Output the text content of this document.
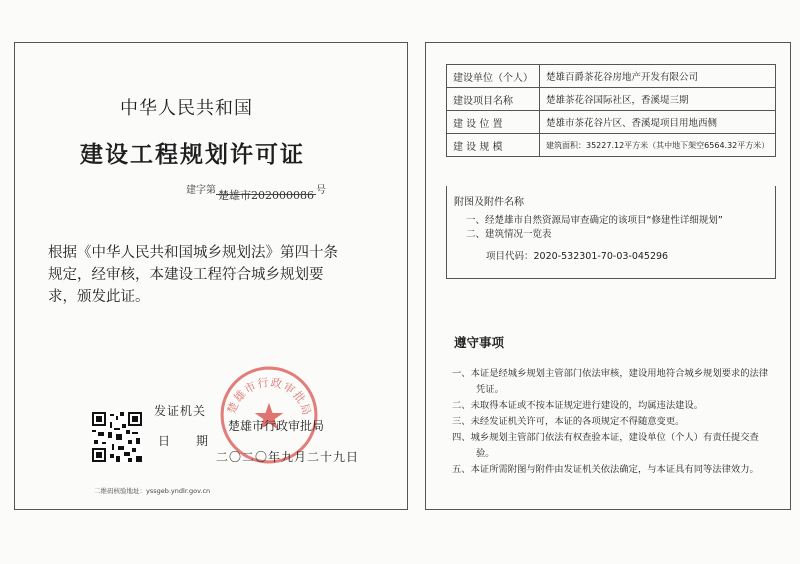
中华人民共和国
建设工程规划许可证
建字第 楚雄市202000086 号
根据《中华人民共和国城乡规划法》第四十条规定，经审核，本建设工程符合城乡规划要求，颁发此证。
二维码核验地址：yssgeb.yndlr.gov.cn
楚雄市行政审批局
发证机关
楚雄市行政审批局
日期
二〇二〇年九月二十九日
建设单位（个人）	楚雄百爵茶花谷房地产开发有限公司
建设项目名称	楚雄茶花谷国际社区，香溪堤三期
建 设 位 置	楚雄市茶花谷片区、香溪堤项目用地西侧
建 设 规 模	建筑面积：35227.12平方米（其中地下架空6564.32平方米）
附图及附件名称
一、经楚雄市自然资源局审查确定的该项目“修建性详细规划”
二、建筑情况一览表
项目代码：2020-532301-70-03-045296
遵守事项
一、本证是经城乡规划主管部门依法审核，建设用地符合城乡规划要求的法律凭证。
二、未取得本证或不按本证规定进行建设的，均属违法建设。
三、未经发证机关许可，本证的各项规定不得随意变更。
四、城乡规划主管部门依法有权查验本证，建设单位（个人）有责任提交查验。
五、本证所需附图与附件由发证机关依法确定，与本证具有同等法律效力。
